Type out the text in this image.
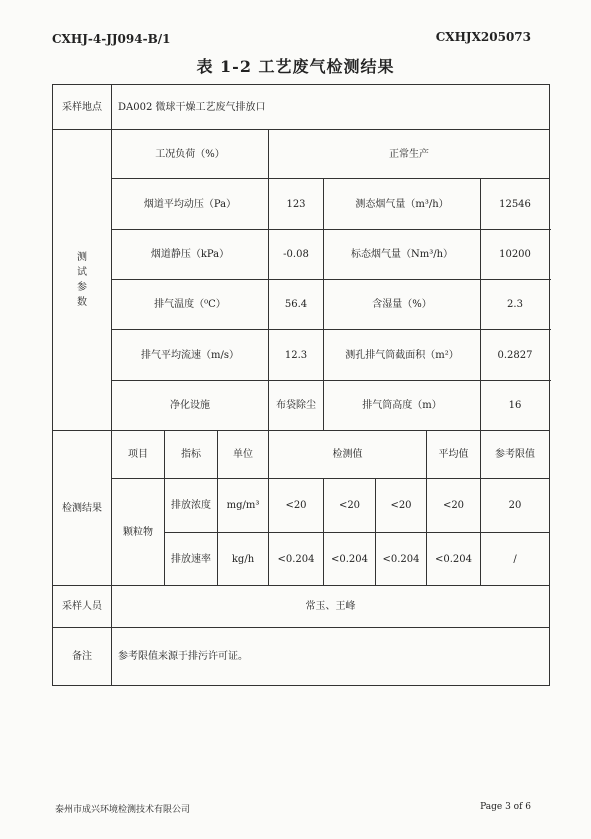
CXHJ-4-JJ094-B/1	CXHJX205073
表 1-2 工艺废气检测结果
采样地点	DA002 微球干燥工艺废气排放口							
测试参数	工况负荷（%）			正常生产				
	烟道平均动压（Pa）			123	测态烟气量（m³/h）			12546
	烟道静压（kPa）			-0.08	标态烟气量（Nm³/h）			10200
	排气温度（⁰C）			56.4	含湿量（%）			2.3
	排气平均流速（m/s）			12.3	测孔排气筒截面积（m²）			0.2827
	净化设施			布袋除尘	排气筒高度（m）			16
检测结果	项目	指标	单位	检测值			平均值	参考限值
	颗粒物	排放浓度	mg/m³	<20	<20	<20	<20	20
		排放速率	kg/h	<0.204	<0.204	<0.204	<0.204	/
采样人员	常玉、王峰							
备注	参考限值来源于排污许可证。							
泰州市成兴环境检测技术有限公司	Page 3 of 6
